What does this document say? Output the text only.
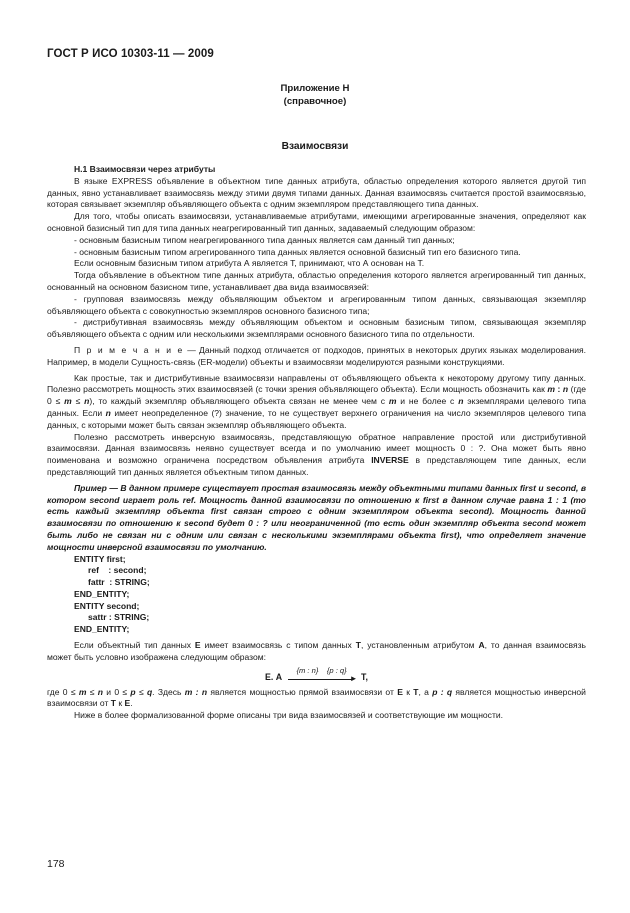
ГОСТ Р ИСО 10303-11 — 2009
Приложение Н
(справочное)
Взаимосвязи

Н.1 Взаимосвязи через атрибуты

В языке EXPRESS объявление в объектном типе данных атрибута, областью определения которого является другой тип данных, явно устанавливает взаимосвязь между этими двумя типами данных. Данная взаимосвязь считается простой взаимосвязью, которая связывает экземпляр объявляющего объекта с одним экземпляром представляющего типа данных.

Для того, чтобы описать взаимосвязи, устанавливаемые атрибутами, имеющими агрегированные значения, определяют как основной базисный тип для типа данных неагрегированный тип данных, задаваемый следующим образом:

- основным базисным типом неагрегированного типа данных является сам данный тип данных;

- основным базисным типом агрегированного типа данных является основной базисный тип его базисного типа.

Если основным базисным типом атрибута А является Т, принимают, что А основан на Т.

Тогда объявление в объектном типе данных атрибута, областью определения которого является агрегированный тип данных, основанный на основном базисном типе, устанавливает два вида взаимосвязей:

- групповая взаимосвязь между объявляющим объектом и агрегированным типом данных, связывающая экземпляр объявляющего объекта с совокупностью экземпляров основного базисного типа;

- дистрибутивная взаимосвязь между объявляющим объектом и основным базисным типом, связывающая экземпляр объявляющего объекта с одним или несколькими экземплярами основного базисного типа по отдельности.

П р и м е ч а н и е — Данный подход отличается от подходов, принятых в некоторых других языках моделирования. Например, в модели Сущность-связь (ER-модели) объекты и взаимосвязи моделируются разными конструкциями.

Как простые, так и дистрибутивные взаимосвязи направлены от объявляющего объекта к некоторому другому типу данных. Полезно рассмотреть мощность этих взаимосвязей (с точки зрения объявляющего объекта). Если мощность обозначить как m : n (где 0 ≤ m ≤ n), то каждый экземпляр объявляющего объекта связан не менее чем с m и не более с n экземплярами целевого типа данных. Если n имеет неопределенное (?) значение, то не существует верхнего ограничения на число экземпляров целевого типа данных, с которыми может быть связан экземпляр объявляющего объекта.

Полезно рассмотреть инверсную взаимосвязь, представляющую обратное направление простой или дистрибутивной взаимосвязи. Данная взаимосвязь неявно существует всегда и по умолчанию имеет мощность 0 : ?. Она может быть явно поименована и возможно ограничена посредством объявления атрибута INVERSE в представляющем типе данных, если представляющий тип данных является объектным типом данных.

Пример — В данном примере существует простая взаимосвязь между объектными типами данных first и second, в котором second играет роль ref. Мощность данной взаимосвязи по отношению к first в данном случае равна 1 : 1 (то есть каждый экземпляр объекта first связан строго с одним экземпляром объекта second). Мощность данной взаимосвязи по отношению к second будет 0 : ? или неограниченной (то есть один экземпляр объекта second может быть либо не связан ни с одним или связан с несколькими экземплярами объекта first), что определяет значение мощности инверсной взаимосвязи по умолчанию.

ENTITY first;
ref    : second;
fattr  : STRING;
END_ENTITY;
ENTITY second;
sattr : STRING;
END_ENTITY;

Если объектный тип данных Е имеет взаимосвязь с типом данных Т, установленным атрибутом А, то данная взаимосвязь может быть условно изображена следующим образом:

Е. А
{m : n}    {p : q}
► Т,

где 0 ≤ m ≤ n и 0 ≤ p ≤ q. Здесь m : n является мощностью прямой взаимосвязи от Е к Т, а p : q является мощностью инверсной взаимосвязи от Т к Е.

Ниже в более формализованной форме описаны три вида взаимосвязей и соответствующие им мощности.

178
